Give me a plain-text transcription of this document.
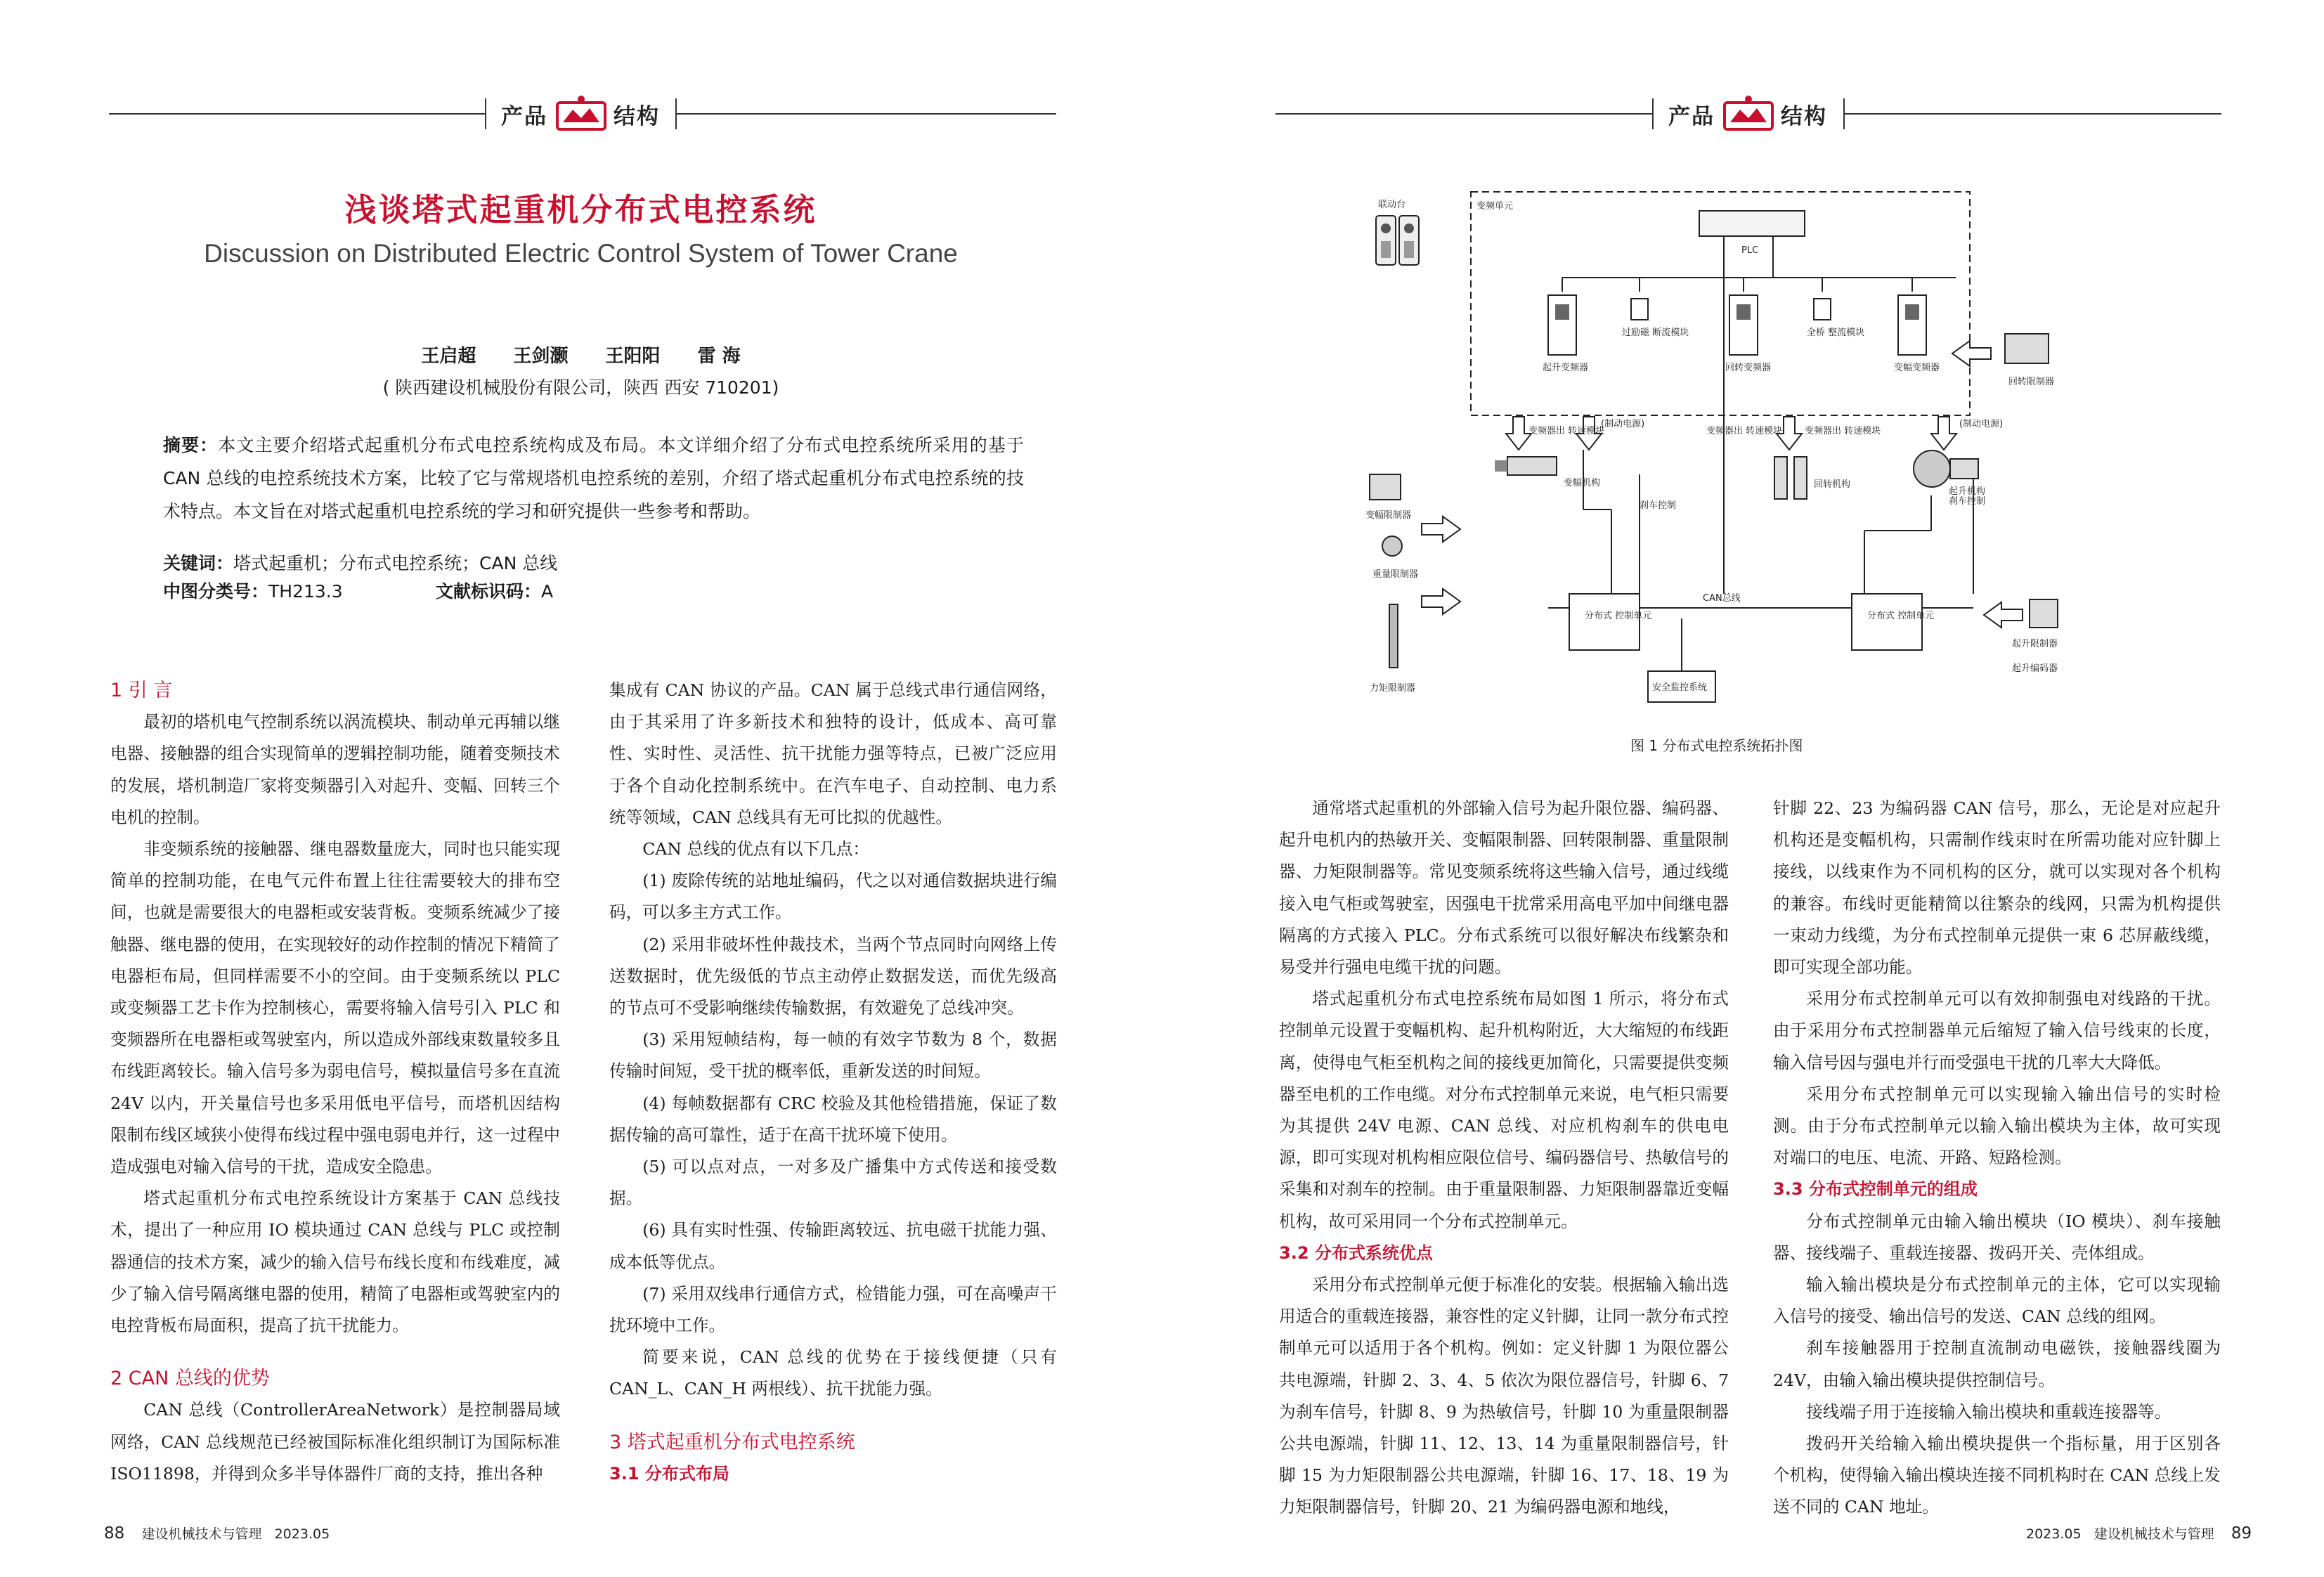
产品	结构
浅谈塔式起重机分布式电控系统
Discussion on Distributed Electric Control System of Tower Crane
王启超 王剑灏 王阳阳 雷 海
( 陕西建设机械股份有限公司，陕西 西安 710201)
摘要：本文主要介绍塔式起重机分布式电控系统构成及布局。本文详细介绍了分布式电控系统所采用的基于 CAN 总线的电控系统技术方案，比较了它与常规塔机电控系统的差别，介绍了塔式起重机分布式电控系统的技术特点。本文旨在对塔式起重机电控系统的学习和研究提供一些参考和帮助。
关键词：塔式起重机；分布式电控系统；CAN 总线
中图分类号：TH213.3	文献标识码：A

1 引 言

最初的塔机电气控制系统以涡流模块、制动单元再辅以继电器、接触器的组合实现简单的逻辑控制功能，随着变频技术的发展，塔机制造厂家将变频器引入对起升、变幅、回转三个电机的控制。

非变频系统的接触器、继电器数量庞大，同时也只能实现简单的控制功能，在电气元件布置上往往需要较大的排布空间，也就是需要很大的电器柜或安装背板。变频系统减少了接触器、继电器的使用，在实现较好的动作控制的情况下精简了电器柜布局，但同样需要不小的空间。由于变频系统以 PLC 或变频器工艺卡作为控制核心，需要将输入信号引入 PLC 和变频器所在电器柜或驾驶室内，所以造成外部线束数量较多且布线距离较长。输入信号多为弱电信号，模拟量信号多在直流 24V 以内，开关量信号也多采用低电平信号，而塔机因结构限制布线区域狭小使得布线过程中强电弱电并行，这一过程中造成强电对输入信号的干扰，造成安全隐患。

塔式起重机分布式电控系统设计方案基于 CAN 总线技术，提出了一种应用 IO 模块通过 CAN 总线与 PLC 或控制器通信的技术方案，减少的输入信号布线长度和布线难度，减少了输入信号隔离继电器的使用，精简了电器柜或驾驶室内的电控背板布局面积，提高了抗干扰能力。

2 CAN 总线的优势

CAN 总线（ControllerAreaNetwork）是控制器局域网络，CAN 总线规范已经被国际标准化组织制订为国际标准 ISO11898，并得到众多半导体器件厂商的支持，推出各种

集成有 CAN 协议的产品。CAN 属于总线式串行通信网络，由于其采用了许多新技术和独特的设计，低成本、高可靠性、实时性、灵活性、抗干扰能力强等特点，已被广泛应用于各个自动化控制系统中。在汽车电子、自动控制、电力系统等领域，CAN 总线具有无可比拟的优越性。

CAN 总线的优点有以下几点：

(1) 废除传统的站地址编码，代之以对通信数据块进行编码，可以多主方式工作。

(2) 采用非破坏性仲裁技术，当两个节点同时向网络上传送数据时，优先级低的节点主动停止数据发送，而优先级高的节点可不受影响继续传输数据，有效避免了总线冲突。

(3) 采用短帧结构，每一帧的有效字节数为 8 个，数据传输时间短，受干扰的概率低，重新发送的时间短。

(4) 每帧数据都有 CRC 校验及其他检错措施，保证了数据传输的高可靠性，适于在高干扰环境下使用。

(5) 可以点对点，一对多及广播集中方式传送和接受数据。

(6) 具有实时性强、传输距离较远、抗电磁干扰能力强、成本低等优点。

(7) 采用双线串行通信方式，检错能力强，可在高噪声干扰环境中工作。

简要来说，CAN 总线的优势在于接线便捷（只有 CAN_L、CAN_H 两根线）、抗干扰能力强。

3 塔式起重机分布式电控系统

3.1 分布式布局

88 建设机械技术与管理 2023.05
产品	结构
联动台	变频单元
PLC
起升变频器
过励磁 断流模块
回转变频器
全桥 整流模块
变幅变频器
变频器出 转速模块
(制动电源)
变频器出 转速模块 变频器出 转速模块
(制动电源)
变幅机构	回转机构
起升机构
变幅限制器
重量限制器
力矩限制器
回转限制器
起升限制器
起升编码器
刹车控制	刹车控制
分布式 控制单元	分布式 控制单元
CAN总线
安全监控系统
图 1 分布式电控系统拓扑图

通常塔式起重机的外部输入信号为起升限位器、编码器、起升电机内的热敏开关、变幅限制器、回转限制器、重量限制器、力矩限制器等。常见变频系统将这些输入信号，通过线缆接入电气柜或驾驶室，因强电干扰常采用高电平加中间继电器隔离的方式接入 PLC。分布式系统可以很好解决布线繁杂和易受并行强电电缆干扰的问题。

塔式起重机分布式电控系统布局如图 1 所示，将分布式控制单元设置于变幅机构、起升机构附近，大大缩短的布线距离，使得电气柜至机构之间的接线更加简化，只需要提供变频器至电机的工作电缆。对分布式控制单元来说，电气柜只需要为其提供 24V 电源、CAN 总线、对应机构刹车的供电电源，即可实现对机构相应限位信号、编码器信号、热敏信号的采集和对刹车的控制。由于重量限制器、力矩限制器靠近变幅机构，故可采用同一个分布式控制单元。

3.2 分布式系统优点

采用分布式控制单元便于标准化的安装。根据输入输出选用适合的重载连接器，兼容性的定义针脚，让同一款分布式控制单元可以适用于各个机构。例如：定义针脚 1 为限位器公共电源端，针脚 2、3、4、5 依次为限位器信号，针脚 6、7 为刹车信号，针脚 8、9 为热敏信号，针脚 10 为重量限制器公共电源端，针脚 11、12、13、14 为重量限制器信号，针脚 15 为力矩限制器公共电源端，针脚 16、17、18、19 为力矩限制器信号，针脚 20、21 为编码器电源和地线，

针脚 22、23 为编码器 CAN 信号，那么，无论是对应起升机构还是变幅机构，只需制作线束时在所需功能对应针脚上接线，以线束作为不同机构的区分，就可以实现对各个机构的兼容。布线时更能精简以往繁杂的线网，只需为机构提供一束动力线缆，为分布式控制单元提供一束 6 芯屏蔽线缆，即可实现全部功能。

采用分布式控制单元可以有效抑制强电对线路的干扰。由于采用分布式控制器单元后缩短了输入信号线束的长度，输入信号因与强电并行而受强电干扰的几率大大降低。

采用分布式控制单元可以实现输入输出信号的实时检测。由于分布式控制单元以输入输出模块为主体，故可实现对端口的电压、电流、开路、短路检测。

3.3 分布式控制单元的组成

分布式控制单元由输入输出模块（IO 模块）、刹车接触器、接线端子、重载连接器、拨码开关、壳体组成。

输入输出模块是分布式控制单元的主体，它可以实现输入信号的接受、输出信号的发送、CAN 总线的组网。

刹车接触器用于控制直流制动电磁铁，接触器线圈为 24V，由输入输出模块提供控制信号。

接线端子用于连接输入输出模块和重载连接器等。

拨码开关给输入输出模块提供一个指标量，用于区别各个机构，使得输入输出模块连接不同机构时在 CAN 总线上发送不同的 CAN 地址。

2023.05 建设机械技术与管理 89
